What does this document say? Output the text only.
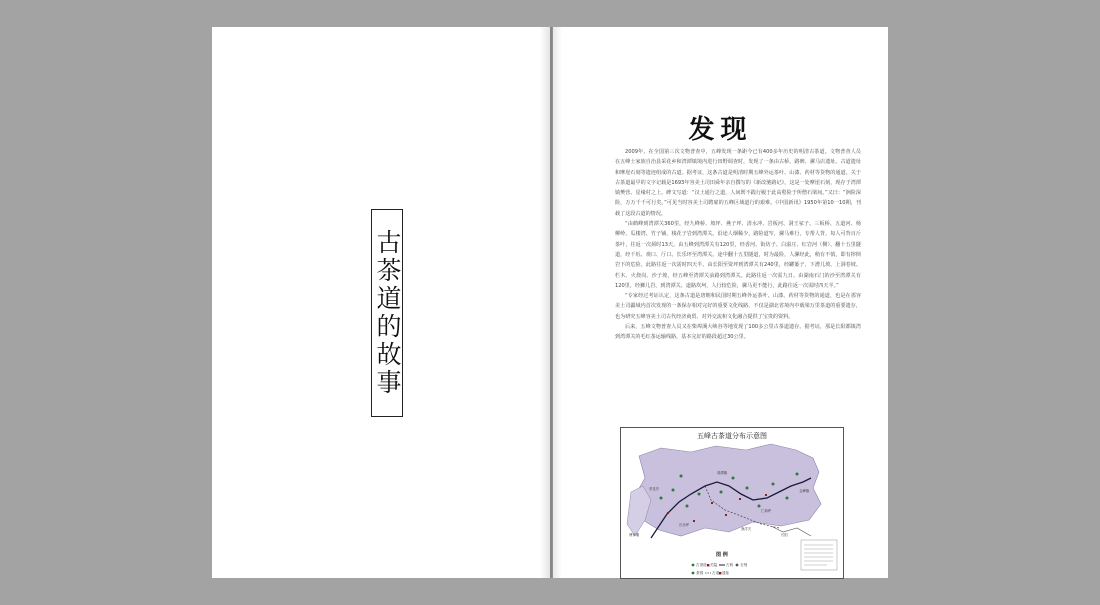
古茶道的故事
发现

2009年，在全国第三次文物普查中，五峰发现一条距今已有400多年历史的明清古茶道。文物普查人员在五峰土家族自治县采花乡和湾潭镇境内进行田野调查时，发现了一条由古桥、路碑、骡马店遗址、古道遗址和摩崖石刻等遗迹组成的古道。据考证，这条古道是明清时期五峰外运茶叶、山漆、药材等货物的通道。关于古茶道最早的文字记载是1693年容美土司田舜年亲自撰写的《新改驰路记》，这是一处摩崖石刻，现存于湾潭镇樊营、星缘村之上。碑文写道：“汉土通行之道，人间既不践行履于此高壑险于所僧石梁间。”又曰：“涧险深险，万万千千可行矣。”可见当时容美土司聘雇的五峰区域道行的艰难。《中国新讯》1950年第10一10期，刊载了这段古道的情况。

“由鹤峰到湾潭关360里，经九峰桥、坡坪、燕子坪、清水冲、岩板河、洞王冢子、三板桥、五道河、杨柳岭、瓜楼湾、竹子铺、栈花子岩到湾潭关。沿途人烟稀少，路险道窄，骡马难行，专帮人背，每人可背百斤茶叶，往返一次须时13天。由五峰到湾潭关有120里，经香河、街坊子、白溢庄、红岩河（侧）、翻十五里隧道，经千坵、观口、厅口、长乐坪至湾潭关。途中翻十五里隧道，时为最险，人骡经此，稍有不慎，即有摔倒岩下的危险。此路往返一次需时四天半。由长阳至资坪到湾潭关有240里，经罐篓子、下漕儿坡、上洞卷坡、栏木、火烧岗、沙子坡，经五峰至湾潭关前路到湾潭关。此路往返一次需九日。由湖南石门的沙至湾潭关有120里，经狮儿岩、到湾潭关、道路坎坷，人行较危险，骡马更不能行，此路往返一次需时四天半。”

“专家经过考证认定，这条古道是唐朝和民国时期五峰外运茶叶、山漆、药材等货物的通道，也是在那容美土司疆域内首次发现的一条保存相对完好的重要文化线路，不仅是湖北省境内中载梁万里茶道的重要遗存，也为研究五峰容美土司古代经济商贸、对外交流和文化融合提供了宝贵的资料。

后来，五峰文物普查人员又在柴埠溪大峡谷等地发现了100多公里古茶道遗存。据考证，那是长阳都镇湾到湾潭关的毛红茶运输线路，基本完好的路段超过30公里。

五峰古茶道分布示意图
采花乡
湾潭镇
五峰镇
长乐坪
渔洋关
仁和坪
傅家堰	长阳
图 例
古茶道 关隘 古桥 石刻
茶园 古道 遗址
